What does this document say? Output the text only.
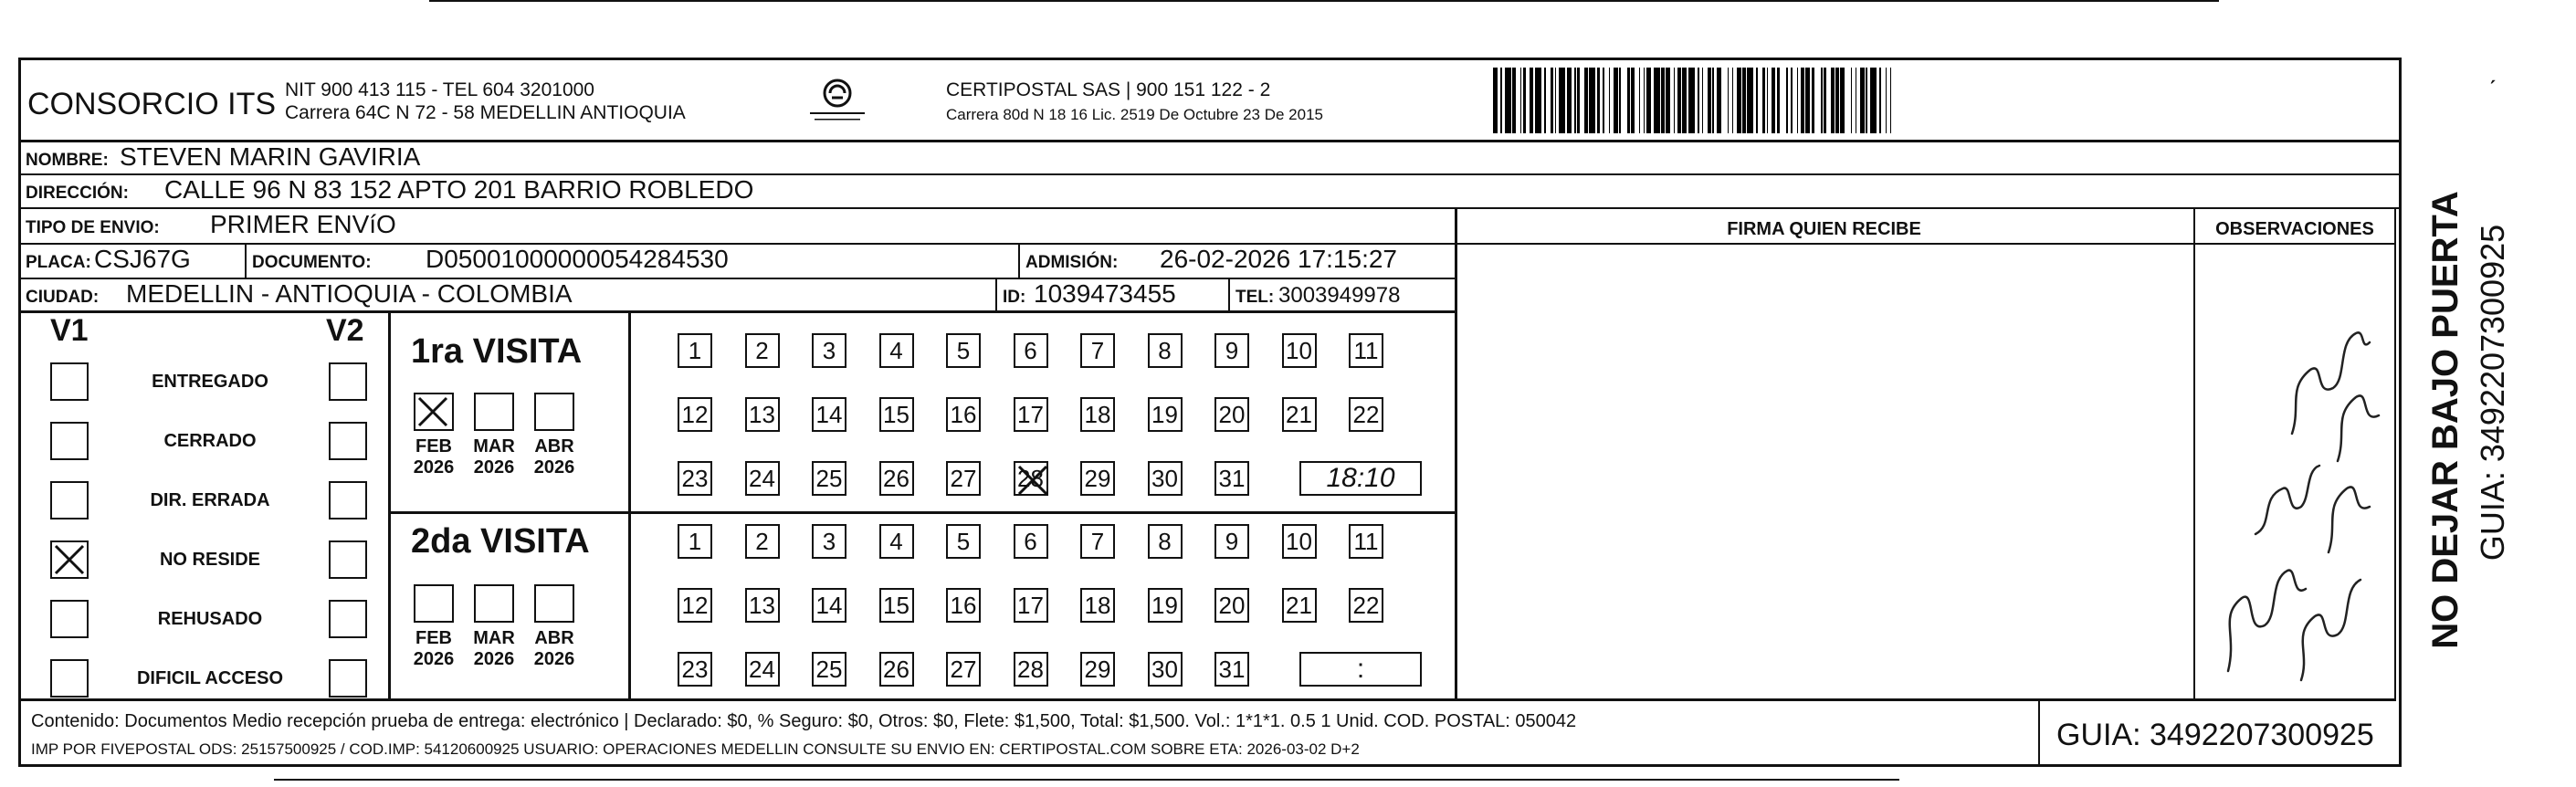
CONSORCIO ITS NIT 900 413 115 - TEL 604 3201000
Carrera 64C N 72 - 58 MEDELLIN ANTIOQUIA
CERTIPOSTAL SAS | 900 151 122 - 2
Carrera 80d N 18 16 Lic. 2519 De Octubre 23 De 2015
NOMBRE: STEVEN MARIN GAVIRIA
DIRECCIÓN: CALLE 96 N 83 152 APTO 201 BARRIO ROBLEDO
TIPO DE ENVIO: PRIMER ENVíO
PLACA: CSJ67G	DOCUMENTO: D05001000000054284530	ADMISIÓN: 26-02-2026 17:15:27
CIUDAD: MEDELLIN - ANTIOQUIA - COLOMBIA	ID: 1039473455	TEL: 3003949978
FIRMA QUIEN RECIBE	OBSERVACIONES
V1	V2
ENTREGADO
CERRADO
DIR. ERRADA
NO RESIDE
REHUSADO
DIFICIL ACCESO
1ra VISITA
2da VISITA
FEB
2026
MAR
2026
ABR
2026
FEB
2026
MAR
2026
ABR
2026
1	2	3	4	5	6	7	8	9	10 11
12 13 14 15 16 17 18 19 20 21 22
23 24 25 26 27 28 29 30 31	18:10
1	2	3	4	5	6	7	8	9	10 11
12 13 14 15 16 17 18 19 20 21 22
23 24 25 26 27 28 29 30 31	:
Contenido: Documentos Medio recepción prueba de entrega: electrónico | Declarado: $0, % Seguro: $0, Otros: $0, Flete: $1,500, Total: $1,500. Vol.: 1*1*1. 0.5 1 Unid. COD. POSTAL: 050042
IMP POR FIVEPOSTAL ODS: 25157500925 / COD.IMP: 54120600925 USUARIO: OPERACIONES MEDELLIN CONSULTE SU ENVIO EN: CERTIPOSTAL.COM SOBRE ETA: 2026-03-02 D+2	GUIA: 3492207300925
NO DEJAR BAJO PUERTA GUIA: 3492207300925
ˊ
